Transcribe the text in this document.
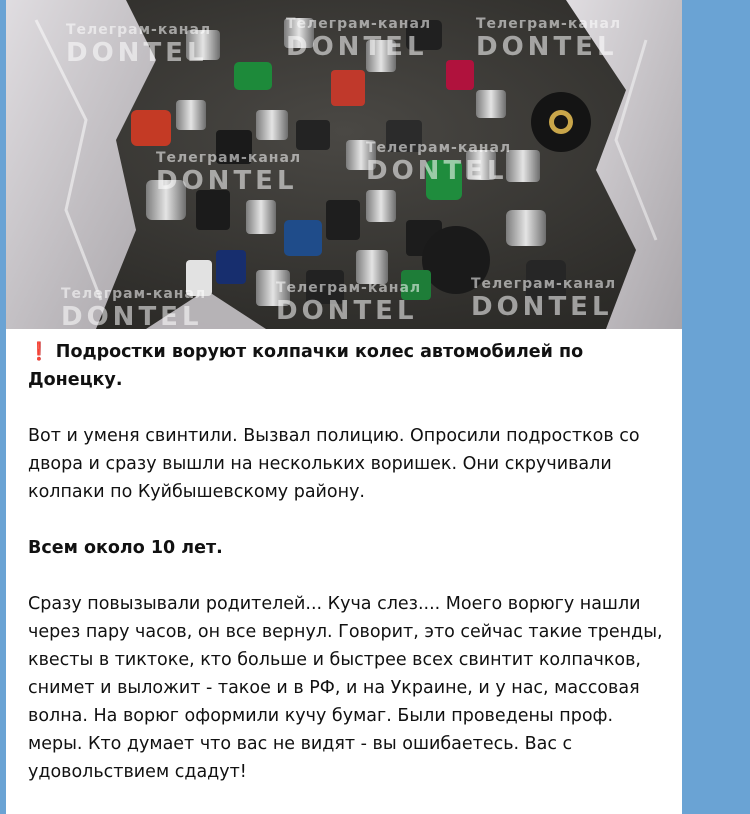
Телеграм-канал
DONTEL
Телеграм-канал
DONTEL
Телеграм-канал
DONTEL
Телеграм-канал
DONTEL
Телеграм-канал
DONTEL
Телеграм-канал
DONTEL
Телеграм-канал
DONTEL
Телеграм-канал
DONTEL

❗ Подростки воруют колпачки колес автомобилей по Донецку.

Вот и уменя свинтили. Вызвал полицию. Опросили подростков со двора и сразу вышли на нескольких воришек. Они скручивали колпаки по Куйбышевскому району.

Всем около 10 лет.

Сразу повызывали родителей... Куча слез.... Моего ворюгу нашли через пару часов, он все вернул. Говорит, это сейчас такие тренды, квесты в тиктоке, кто больше и быстрее всех свинтит колпачков, снимет и выложит - такое и в РФ, и на Украине, и у нас, массовая волна. На ворюг оформили кучу бумаг. Были проведены проф. меры. Кто думает что вас не видят - вы ошибаетесь. Вас с удовольствием сдадут!
